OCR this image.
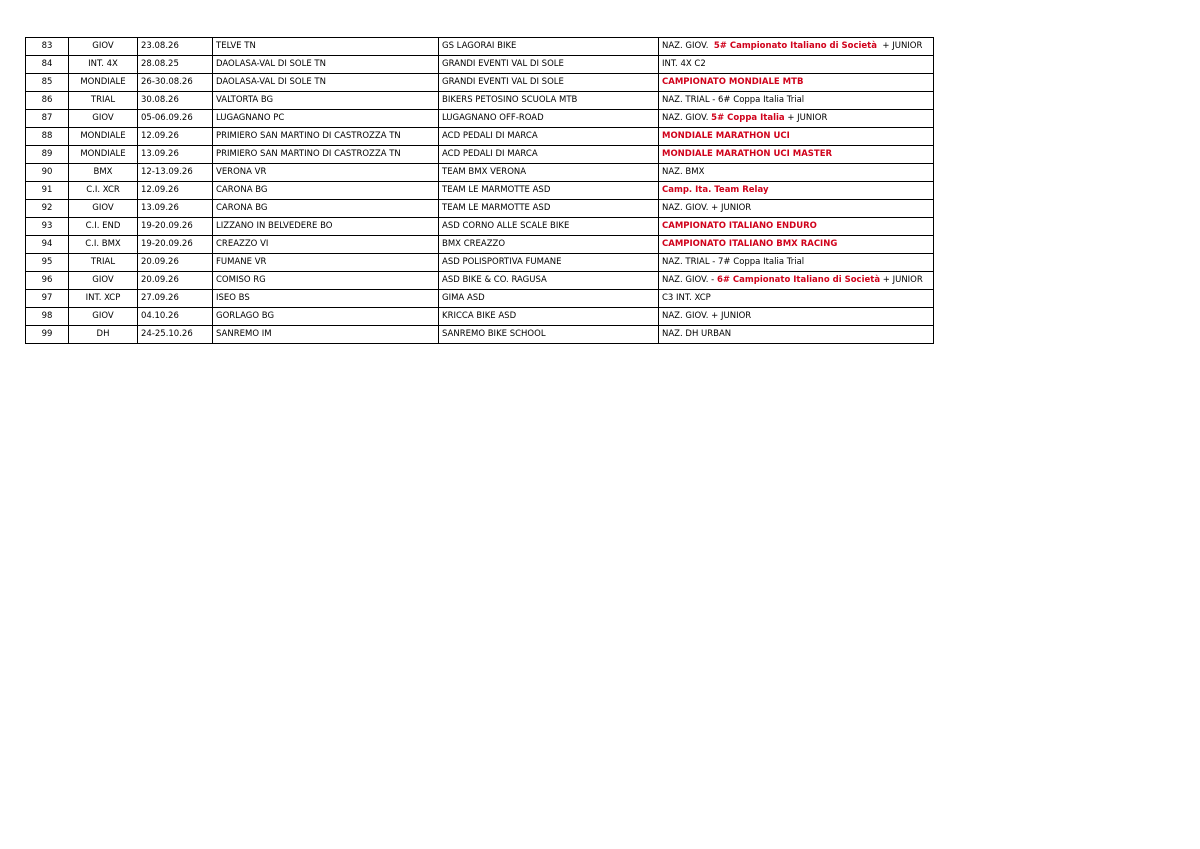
83	GIOV	23.08.26	TELVE TN	GS LAGORAI BIKE	NAZ. GIOV.  5# Campionato Italiano di Società  + JUNIOR
84	INT. 4X	28.08.25	DAOLASA-VAL DI SOLE TN	GRANDI EVENTI VAL DI SOLE	INT. 4X C2
85	MONDIALE	26-30.08.26	DAOLASA-VAL DI SOLE TN	GRANDI EVENTI VAL DI SOLE	CAMPIONATO MONDIALE MTB
86	TRIAL	30.08.26	VALTORTA BG	BIKERS PETOSINO SCUOLA MTB	NAZ. TRIAL - 6# Coppa Italia Trial
87	GIOV	05-06.09.26	LUGAGNANO PC	LUGAGNANO OFF-ROAD	NAZ. GIOV. 5# Coppa Italia + JUNIOR
88	MONDIALE	12.09.26	PRIMIERO SAN MARTINO DI CASTROZZA TN	ACD PEDALI DI MARCA	MONDIALE MARATHON UCI
89	MONDIALE	13.09.26	PRIMIERO SAN MARTINO DI CASTROZZA TN	ACD PEDALI DI MARCA	MONDIALE MARATHON UCI MASTER
90	BMX	12-13.09.26	VERONA VR	TEAM BMX VERONA	NAZ. BMX
91	C.I. XCR	12.09.26	CARONA BG	TEAM LE MARMOTTE ASD	Camp. Ita. Team Relay
92	GIOV	13.09.26	CARONA BG	TEAM LE MARMOTTE ASD	NAZ. GIOV. + JUNIOR
93	C.I. END	19-20.09.26	LIZZANO IN BELVEDERE BO	ASD CORNO ALLE SCALE BIKE	CAMPIONATO ITALIANO ENDURO
94	C.I. BMX	19-20.09.26	CREAZZO VI	BMX CREAZZO	CAMPIONATO ITALIANO BMX RACING
95	TRIAL	20.09.26	FUMANE VR	ASD POLISPORTIVA FUMANE	NAZ. TRIAL - 7# Coppa Italia Trial
96	GIOV	20.09.26	COMISO RG	ASD BIKE & CO. RAGUSA	NAZ. GIOV. - 6# Campionato Italiano di Società + JUNIOR
97	INT. XCP	27.09.26	ISEO BS	GIMA ASD	C3 INT. XCP
98	GIOV	04.10.26	GORLAGO BG	KRICCA BIKE ASD	NAZ. GIOV. + JUNIOR
99	DH	24-25.10.26	SANREMO IM	SANREMO BIKE SCHOOL	NAZ. DH URBAN
